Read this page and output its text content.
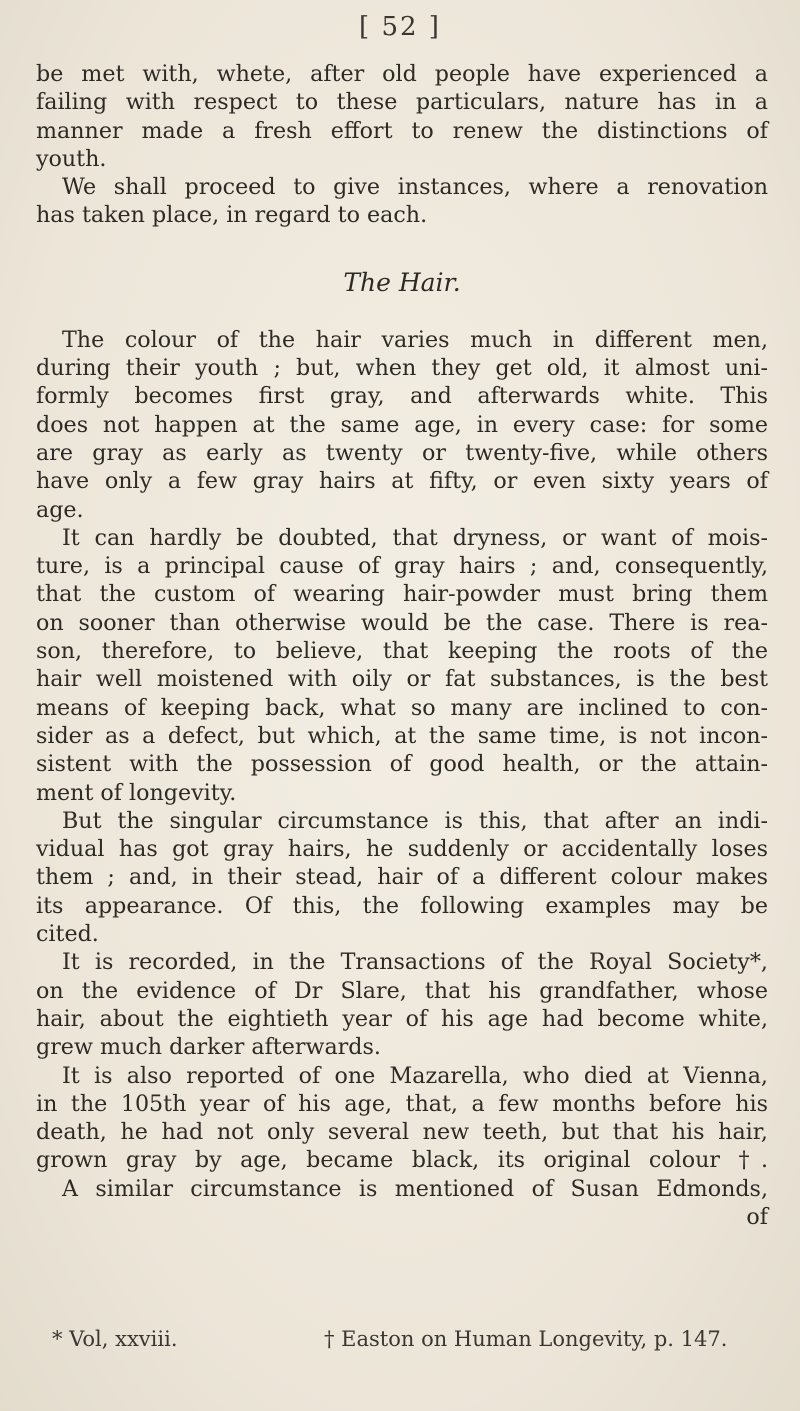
[ 52 ]
be met with, whete, after old people have experienced a
failing with respect to these particulars, nature has in a
manner made a fresh effort to renew the distinctions of
youth.
We shall proceed to give instances, where a renovation
has taken place, in regard to each.
The Hair.
The colour of the hair varies much in different men,
during their youth ; but, when they get old, it almost uni-
formly becomes first gray, and afterwards white. This
does not happen at the same age, in every case: for some
are gray as early as twenty or twenty-five, while others
have only a few gray hairs at fifty, or even sixty years of
age.
It can hardly be doubted, that dryness, or want of mois-
ture, is a principal cause of gray hairs ; and, consequently,
that the custom of wearing hair-powder must bring them
on sooner than otherwise would be the case. There is rea-
son, therefore, to believe, that keeping the roots of the
hair well moistened with oily or fat substances, is the best
means of keeping back, what so many are inclined to con-
sider as a defect, but which, at the same time, is not incon-
sistent with the possession of good health, or the attain-
ment of longevity.
But the singular circumstance is this, that after an indi-
vidual has got gray hairs, he suddenly or accidentally loses
them ; and, in their stead, hair of a different colour makes
its appearance. Of this, the following examples may be
cited.
It is recorded, in the Transactions of the Royal Society*,
on the evidence of Dr Slare, that his grandfather, whose
hair, about the eightieth year of his age had become white,
grew much darker afterwards.
It is also reported of one Mazarella, who died at Vienna,
in the 105th year of his age, that, a few months before his
death, he had not only several new teeth, but that his hair,
grown gray by age, became black, its original colour †.
A similar circumstance is mentioned of Susan Edmonds,
of
* Vol, xxviii.	† Easton on Human Longevity, p. 147.
